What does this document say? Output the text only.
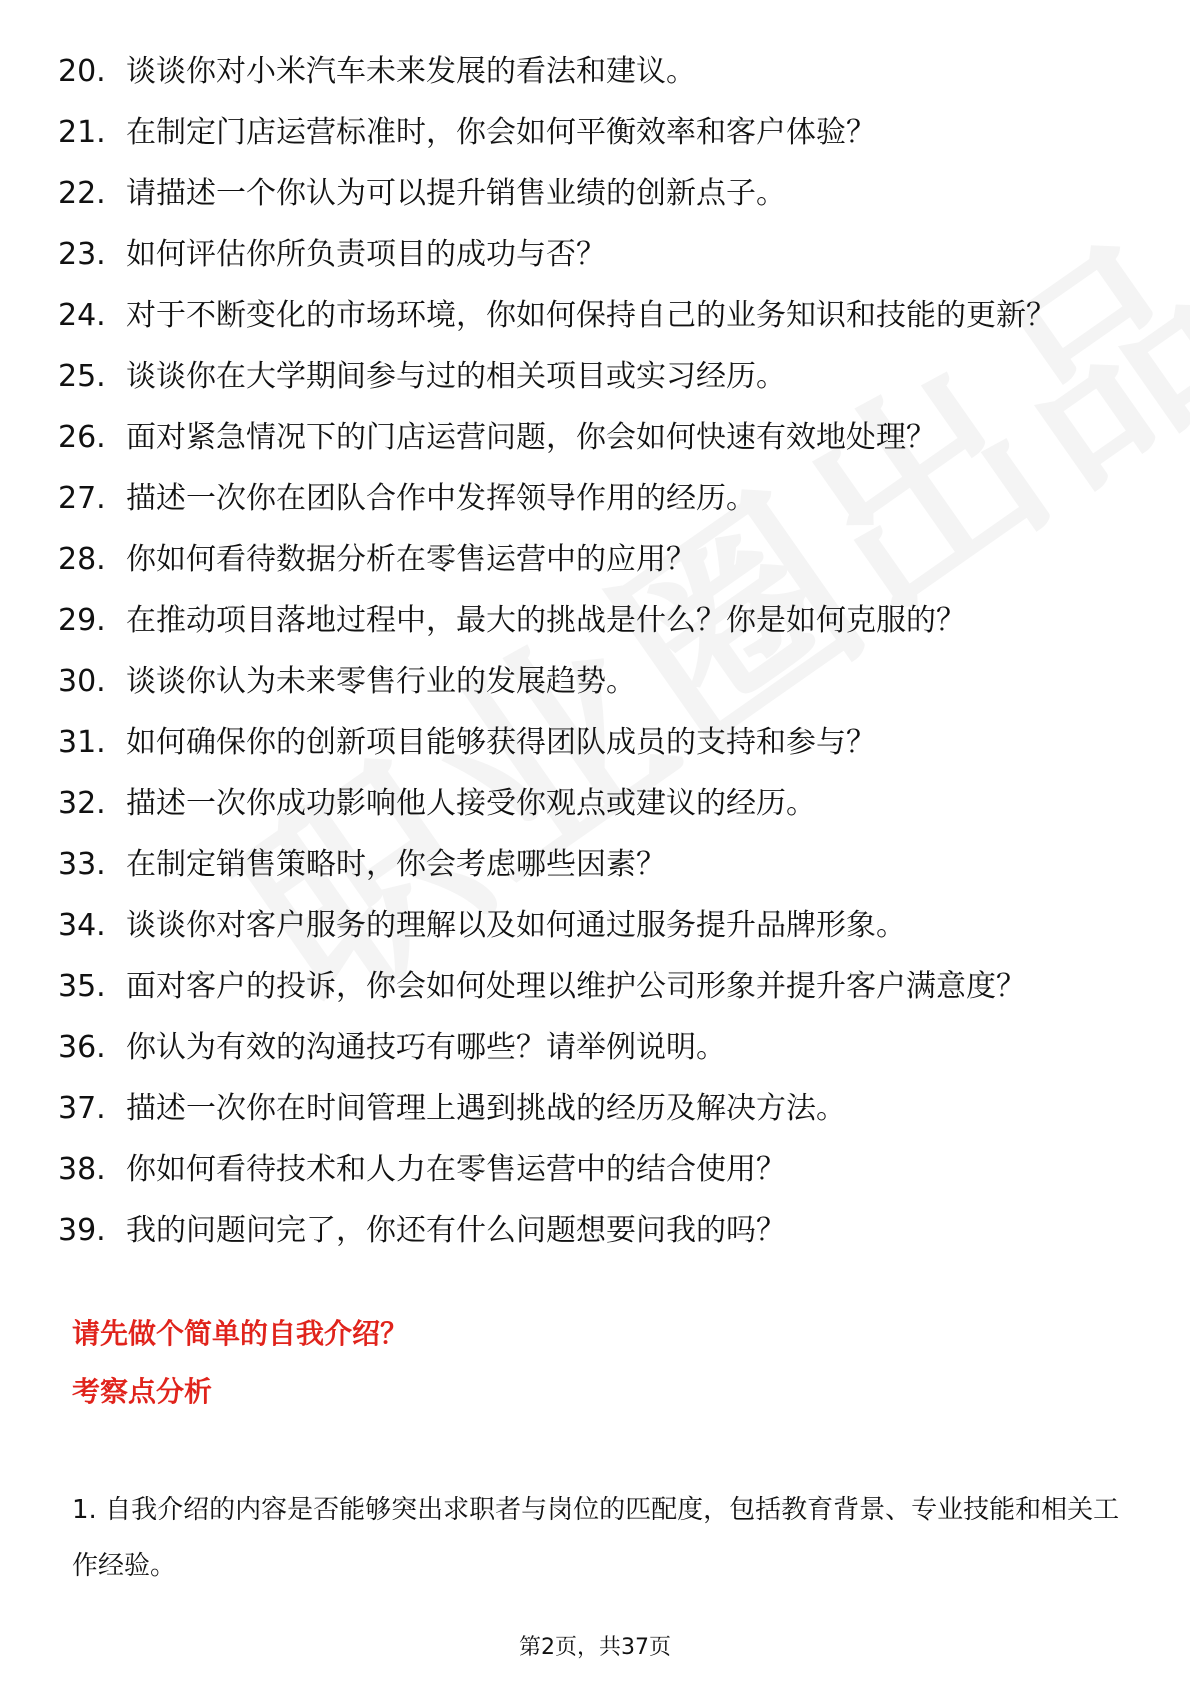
20. 谈谈你对小米汽车未来发展的看法和建议。
21. 在制定门店运营标准时，你会如何平衡效率和客户体验？
22. 请描述一个你认为可以提升销售业绩的创新点子。
23. 如何评估你所负责项目的成功与否？
24. 对于不断变化的市场环境，你如何保持自己的业务知识和技能的更新？
25. 谈谈你在大学期间参与过的相关项目或实习经历。
26. 面对紧急情况下的门店运营问题，你会如何快速有效地处理？
27. 描述一次你在团队合作中发挥领导作用的经历。
28. 你如何看待数据分析在零售运营中的应用？
29. 在推动项目落地过程中，最大的挑战是什么？你是如何克服的？
30. 谈谈你认为未来零售行业的发展趋势。
31. 如何确保你的创新项目能够获得团队成员的支持和参与？
32. 描述一次你成功影响他人接受你观点或建议的经历。
33. 在制定销售策略时，你会考虑哪些因素？
34. 谈谈你对客户服务的理解以及如何通过服务提升品牌形象。
35. 面对客户的投诉，你会如何处理以维护公司形象并提升客户满意度？
36. 你认为有效的沟通技巧有哪些？请举例说明。
37. 描述一次你在时间管理上遇到挑战的经历及解决方法。
38. 你如何看待技术和人力在零售运营中的结合使用？
39. 我的问题问完了，你还有什么问题想要问我的吗？
请先做个简单的自我介绍？
考察点分析

1. 自我介绍的内容是否能够突出求职者与岗位的匹配度，包括教育背景、专业技能和相关工作经验。

第2页，共37页
